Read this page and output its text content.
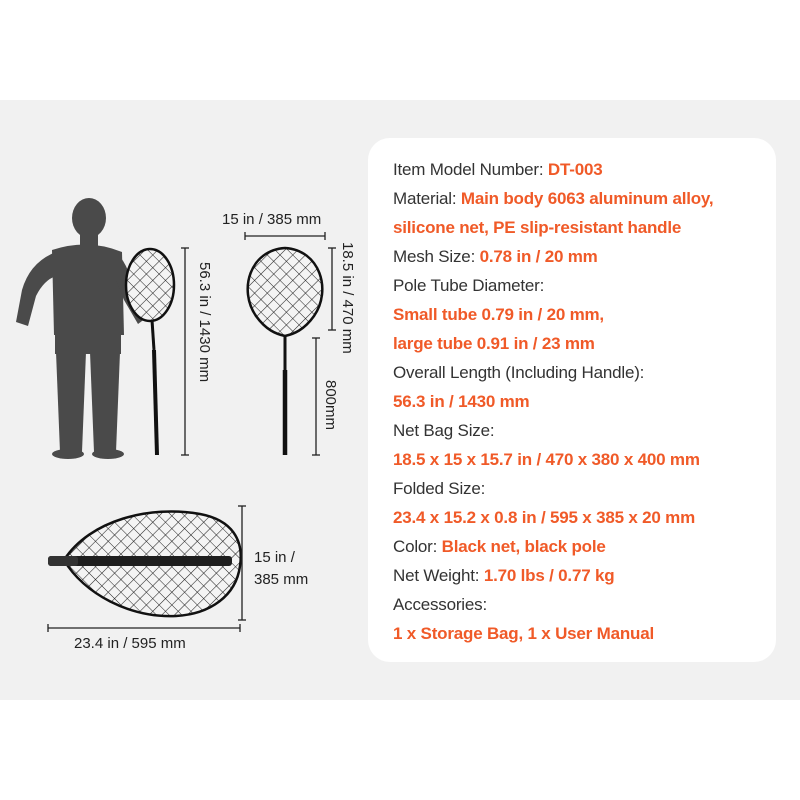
15 in / 385 mm
18.5 in / 470 mm
800mm
56.3 in / 1430 mm
15 in /
385 mm
23.4 in / 595 mm
Item Model Number: DT-003
Material: Main body 6063 aluminum alloy,
silicone net, PE slip-resistant handle
Mesh Size: 0.78 in / 20 mm
Pole Tube Diameter:
Small tube 0.79 in / 20 mm,
large tube 0.91 in / 23 mm
Overall Length (Including Handle):
56.3 in / 1430 mm
Net Bag Size:
18.5 x 15 x 15.7 in / 470 x 380 x 400 mm
Folded Size:
23.4 x 15.2 x 0.8 in / 595 x 385 x 20 mm
Color: Black net, black pole
Net Weight: 1.70 lbs / 0.77 kg
Accessories:
1 x Storage Bag, 1 x User Manual
